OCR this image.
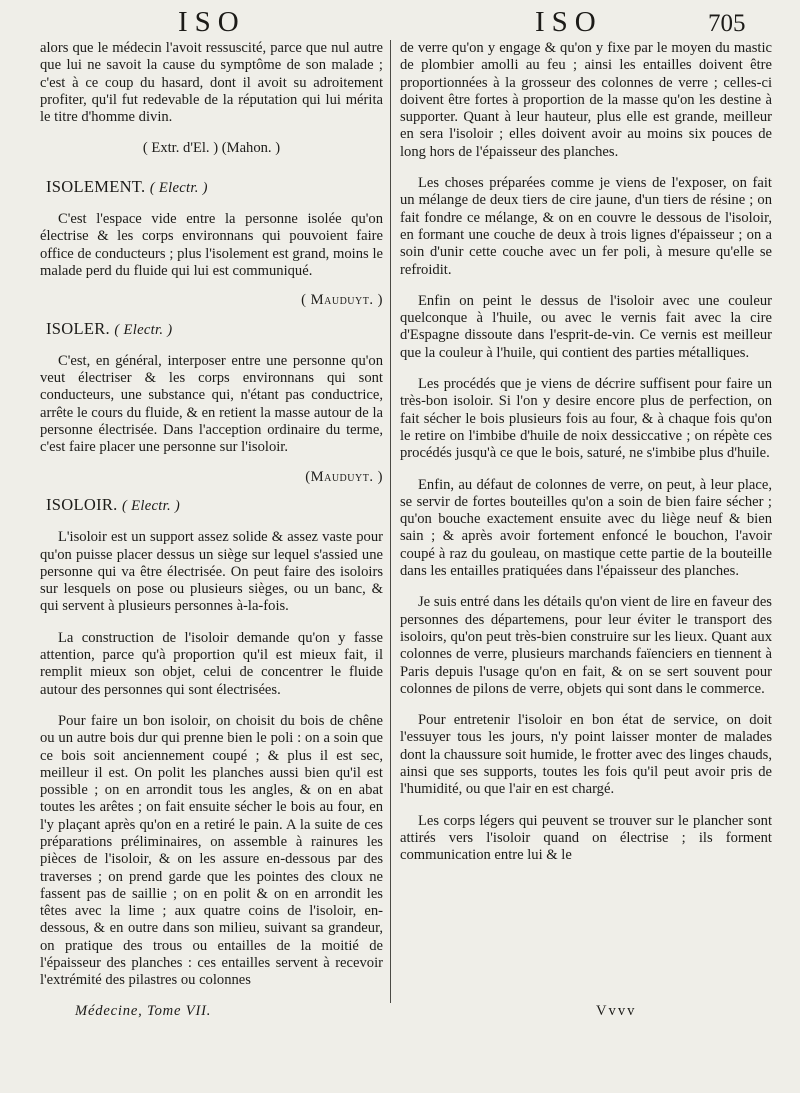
ISO	ISO	705

alors que le médecin l'avoit ressuscité, parce que nul autre que lui ne savoit la cause du symptôme de son malade ; c'est à ce coup du hasard, dont il avoit su adroitement profiter, qu'il fut redevable de la réputation qui lui mérita le titre d'homme divin.

( Extr. d'El. ) (Mahon. )

ISOLEMENT. ( Electr. )

C'est l'espace vide entre la personne isolée qu'on électrise & les corps environnans qui pouvoient faire office de conducteurs ; plus l'isolement est grand, moins le malade perd du fluide qui lui est communiqué.

( Mauduyt. )

ISOLER. ( Electr. )

C'est, en général, interposer entre une personne qu'on veut électriser & les corps environnans qui sont conducteurs, une substance qui, n'étant pas conductrice, arrête le cours du fluide, & en retient la masse autour de la personne électrisée. Dans l'acception ordinaire du terme, c'est faire placer une personne sur l'isoloir.

(Mauduyt. )

ISOLOIR. ( Electr. )

L'isoloir est un support assez solide & assez vaste pour qu'on puisse placer dessus un siège sur lequel s'assied une personne qui va être électrisée. On peut faire des isoloirs sur lesquels on pose ou plusieurs sièges, ou un banc, & qui servent à plusieurs personnes à-la-fois.

La construction de l'isoloir demande qu'on y fasse attention, parce qu'à proportion qu'il est mieux fait, il remplit mieux son objet, celui de concentrer le fluide autour des personnes qui sont électrisées.

Pour faire un bon isoloir, on choisit du bois de chêne ou un autre bois dur qui prenne bien le poli : on a soin que ce bois soit anciennement coupé ; & plus il est sec, meilleur il est. On polit les planches aussi bien qu'il est possible ; on en arrondit tous les angles, & on en abat toutes les arêtes ; on fait ensuite sécher le bois au four, en l'y plaçant après qu'on en a retiré le pain. A la suite de ces préparations préliminaires, on assemble à rainures les pièces de l'isoloir, & on les assure en-dessous par des traverses ; on prend garde que les pointes des cloux ne fassent pas de saillie ; on en polit & on en arrondit les têtes avec la lime ; aux quatre coins de l'isoloir, en-dessous, & en outre dans son milieu, suivant sa grandeur, on pratique des trous ou entailles de la moitié de l'épaisseur des planches : ces entailles servent à recevoir l'extrémité des pilastres ou colonnes

de verre qu'on y engage & qu'on y fixe par le moyen du mastic de plombier amolli au feu ; ainsi les entailles doivent être proportionnées à la grosseur des colonnes de verre ; celles-ci doivent être fortes à proportion de la masse qu'on les destine à supporter. Quant à leur hauteur, plus elle est grande, meilleur en sera l'isoloir ; elles doivent avoir au moins six pouces de long hors de l'épaisseur des planches.

Les choses préparées comme je viens de l'exposer, on fait un mélange de deux tiers de cire jaune, d'un tiers de résine ; on fait fondre ce mélange, & on en couvre le dessous de l'isoloir, en formant une couche de deux à trois lignes d'épaisseur ; on a soin d'unir cette couche avec un fer poli, à mesure qu'elle se refroidit.

Enfin on peint le dessus de l'isoloir avec une couleur quelconque à l'huile, ou avec le vernis fait avec la cire d'Espagne dissoute dans l'esprit-de-vin. Ce vernis est meilleur que la couleur à l'huile, qui contient des parties métalliques.

Les procédés que je viens de décrire suffisent pour faire un très-bon isoloir. Si l'on y desire encore plus de perfection, on fait sécher le bois plusieurs fois au four, & à chaque fois qu'on le retire on l'imbibe d'huile de noix dessiccative ; on répète ces procédés jusqu'à ce que le bois, saturé, ne s'imbibe plus d'huile.

Enfin, au défaut de colonnes de verre, on peut, à leur place, se servir de fortes bouteilles qu'on a soin de bien faire sécher ; qu'on bouche exactement ensuite avec du liège neuf & bien sain ; & après avoir fortement enfoncé le bouchon, l'avoir coupé à raz du gouleau, on mastique cette partie de la bouteille dans les entailles pratiquées dans l'épaisseur des planches.

Je suis entré dans les détails qu'on vient de lire en faveur des personnes des départemens, pour leur éviter le transport des isoloirs, qu'on peut très-bien construire sur les lieux. Quant aux colonnes de verre, plusieurs marchands faïenciers en tiennent à Paris depuis l'usage qu'on en fait, & on se sert souvent pour colonnes de pilons de verre, objets qui sont dans le commerce.

Pour entretenir l'isoloir en bon état de service, on doit l'essuyer tous les jours, n'y point laisser monter de malades dont la chaussure soit humide, le frotter avec des linges chauds, ainsi que ses supports, toutes les fois qu'il peut avoir pris de l'humidité, ou que l'air en est chargé.

Les corps légers qui peuvent se trouver sur le plancher sont attirés vers l'isoloir quand on électrise ; ils forment communication entre lui & le

Médecine, Tome VII.	Vvvv
